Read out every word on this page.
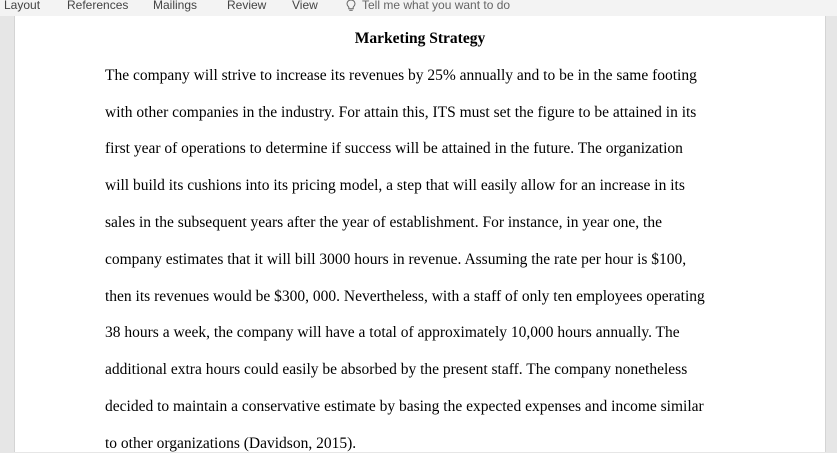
Layout References Mailings Review View	Tell me what you want to do
Marketing Strategy
The company will strive to increase its revenues by 25% annually and to be in the same footing
with other companies in the industry. For attain this, ITS must set the figure to be attained in its
first year of operations to determine if success will be attained in the future. The organization
will build its cushions into its pricing model, a step that will easily allow for an increase in its
sales in the subsequent years after the year of establishment. For instance, in year one, the
company estimates that it will bill 3000 hours in revenue. Assuming the rate per hour is $100,
then its revenues would be $300, 000. Nevertheless, with a staff of only ten employees operating
38 hours a week, the company will have a total of approximately 10,000 hours annually. The
additional extra hours could easily be absorbed by the present staff. The company nonetheless
decided to maintain a conservative estimate by basing the expected expenses and income similar
to other organizations (Davidson, 2015).
